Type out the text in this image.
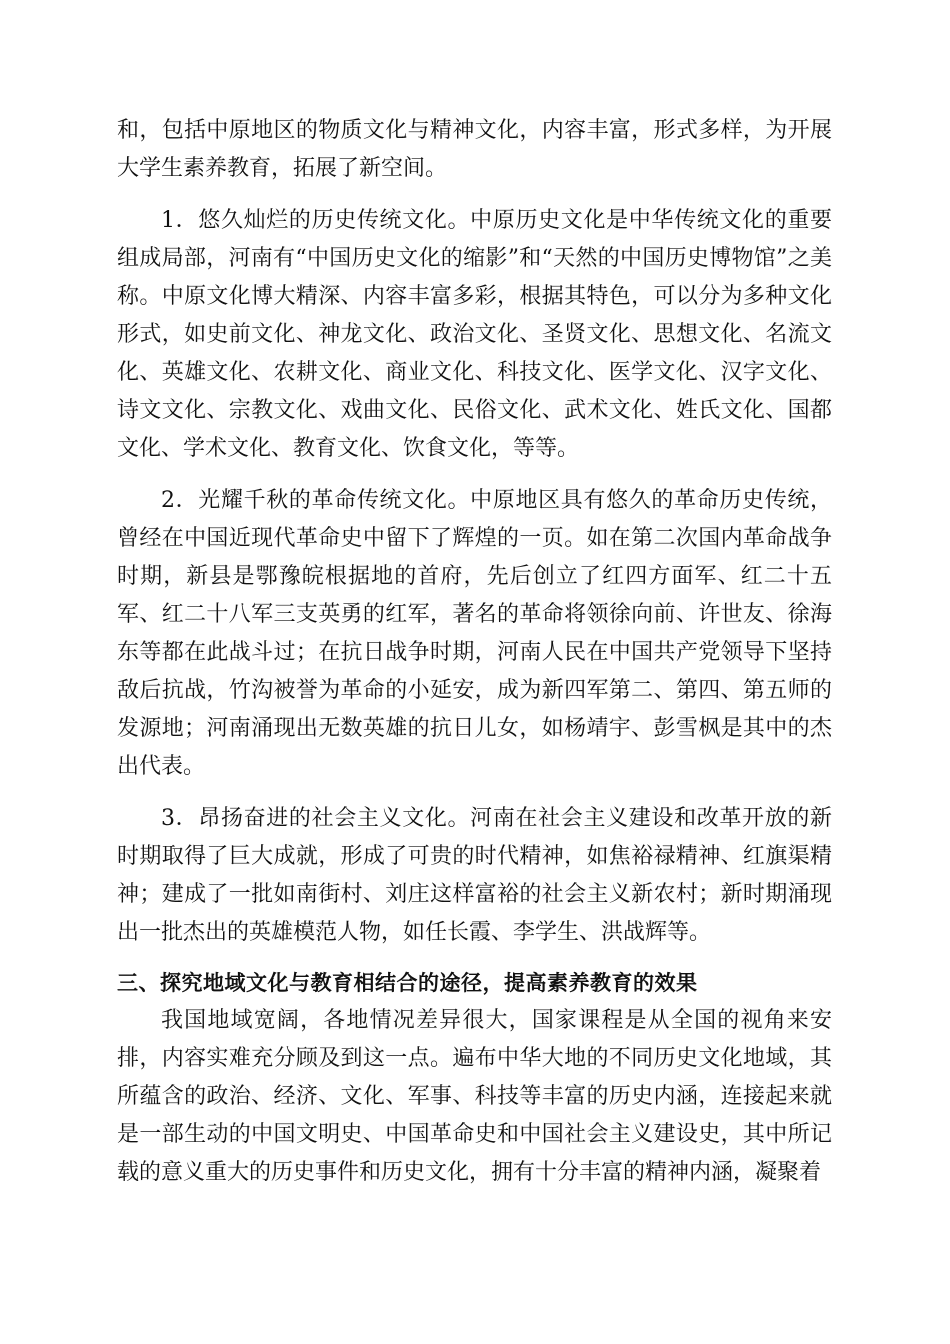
和，包括中原地区的物质文化与精神文化，内容丰富，形式多样，为开展大学生素养教育，拓展了新空间。

1．悠久灿烂的历史传统文化。中原历史文化是中华传统文化的重要组成局部，河南有“中国历史文化的缩影”和“天然的中国历史博物馆”之美称。中原文化博大精深、内容丰富多彩，根据其特色，可以分为多种文化形式，如史前文化、神龙文化、政治文化、圣贤文化、思想文化、名流文化、英雄文化、农耕文化、商业文化、科技文化、医学文化、汉字文化、诗文文化、宗教文化、戏曲文化、民俗文化、武术文化、姓氏文化、国都文化、学术文化、教育文化、饮食文化，等等。

2．光耀千秋的革命传统文化。中原地区具有悠久的革命历史传统，曾经在中国近现代革命史中留下了辉煌的一页。如在第二次国内革命战争时期，新县是鄂豫皖根据地的首府，先后创立了红四方面军、红二十五军、红二十八军三支英勇的红军，著名的革命将领徐向前、许世友、徐海东等都在此战斗过；在抗日战争时期，河南人民在中国共产党领导下坚持敌后抗战，竹沟被誉为革命的小延安，成为新四军第二、第四、第五师的发源地；河南涌现出无数英雄的抗日儿女，如杨靖宇、彭雪枫是其中的杰出代表。

3．昂扬奋进的社会主义文化。河南在社会主义建设和改革开放的新时期取得了巨大成就，形成了可贵的时代精神，如焦裕禄精神、红旗渠精神；建成了一批如南街村、刘庄这样富裕的社会主义新农村；新时期涌现出一批杰出的英雄模范人物，如任长霞、李学生、洪战辉等。

三、探究地域文化与教育相结合的途径，提高素养教育的效果

我国地域宽阔，各地情况差异很大，国家课程是从全国的视角来安排，内容实难充分顾及到这一点。遍布中华大地的不同历史文化地域，其所蕴含的政治、经济、文化、军事、科技等丰富的历史内涵，连接起来就是一部生动的中国文明史、中国革命史和中国社会主义建设史，其中所记载的意义重大的历史事件和历史文化，拥有十分丰富的精神内涵，凝聚着
